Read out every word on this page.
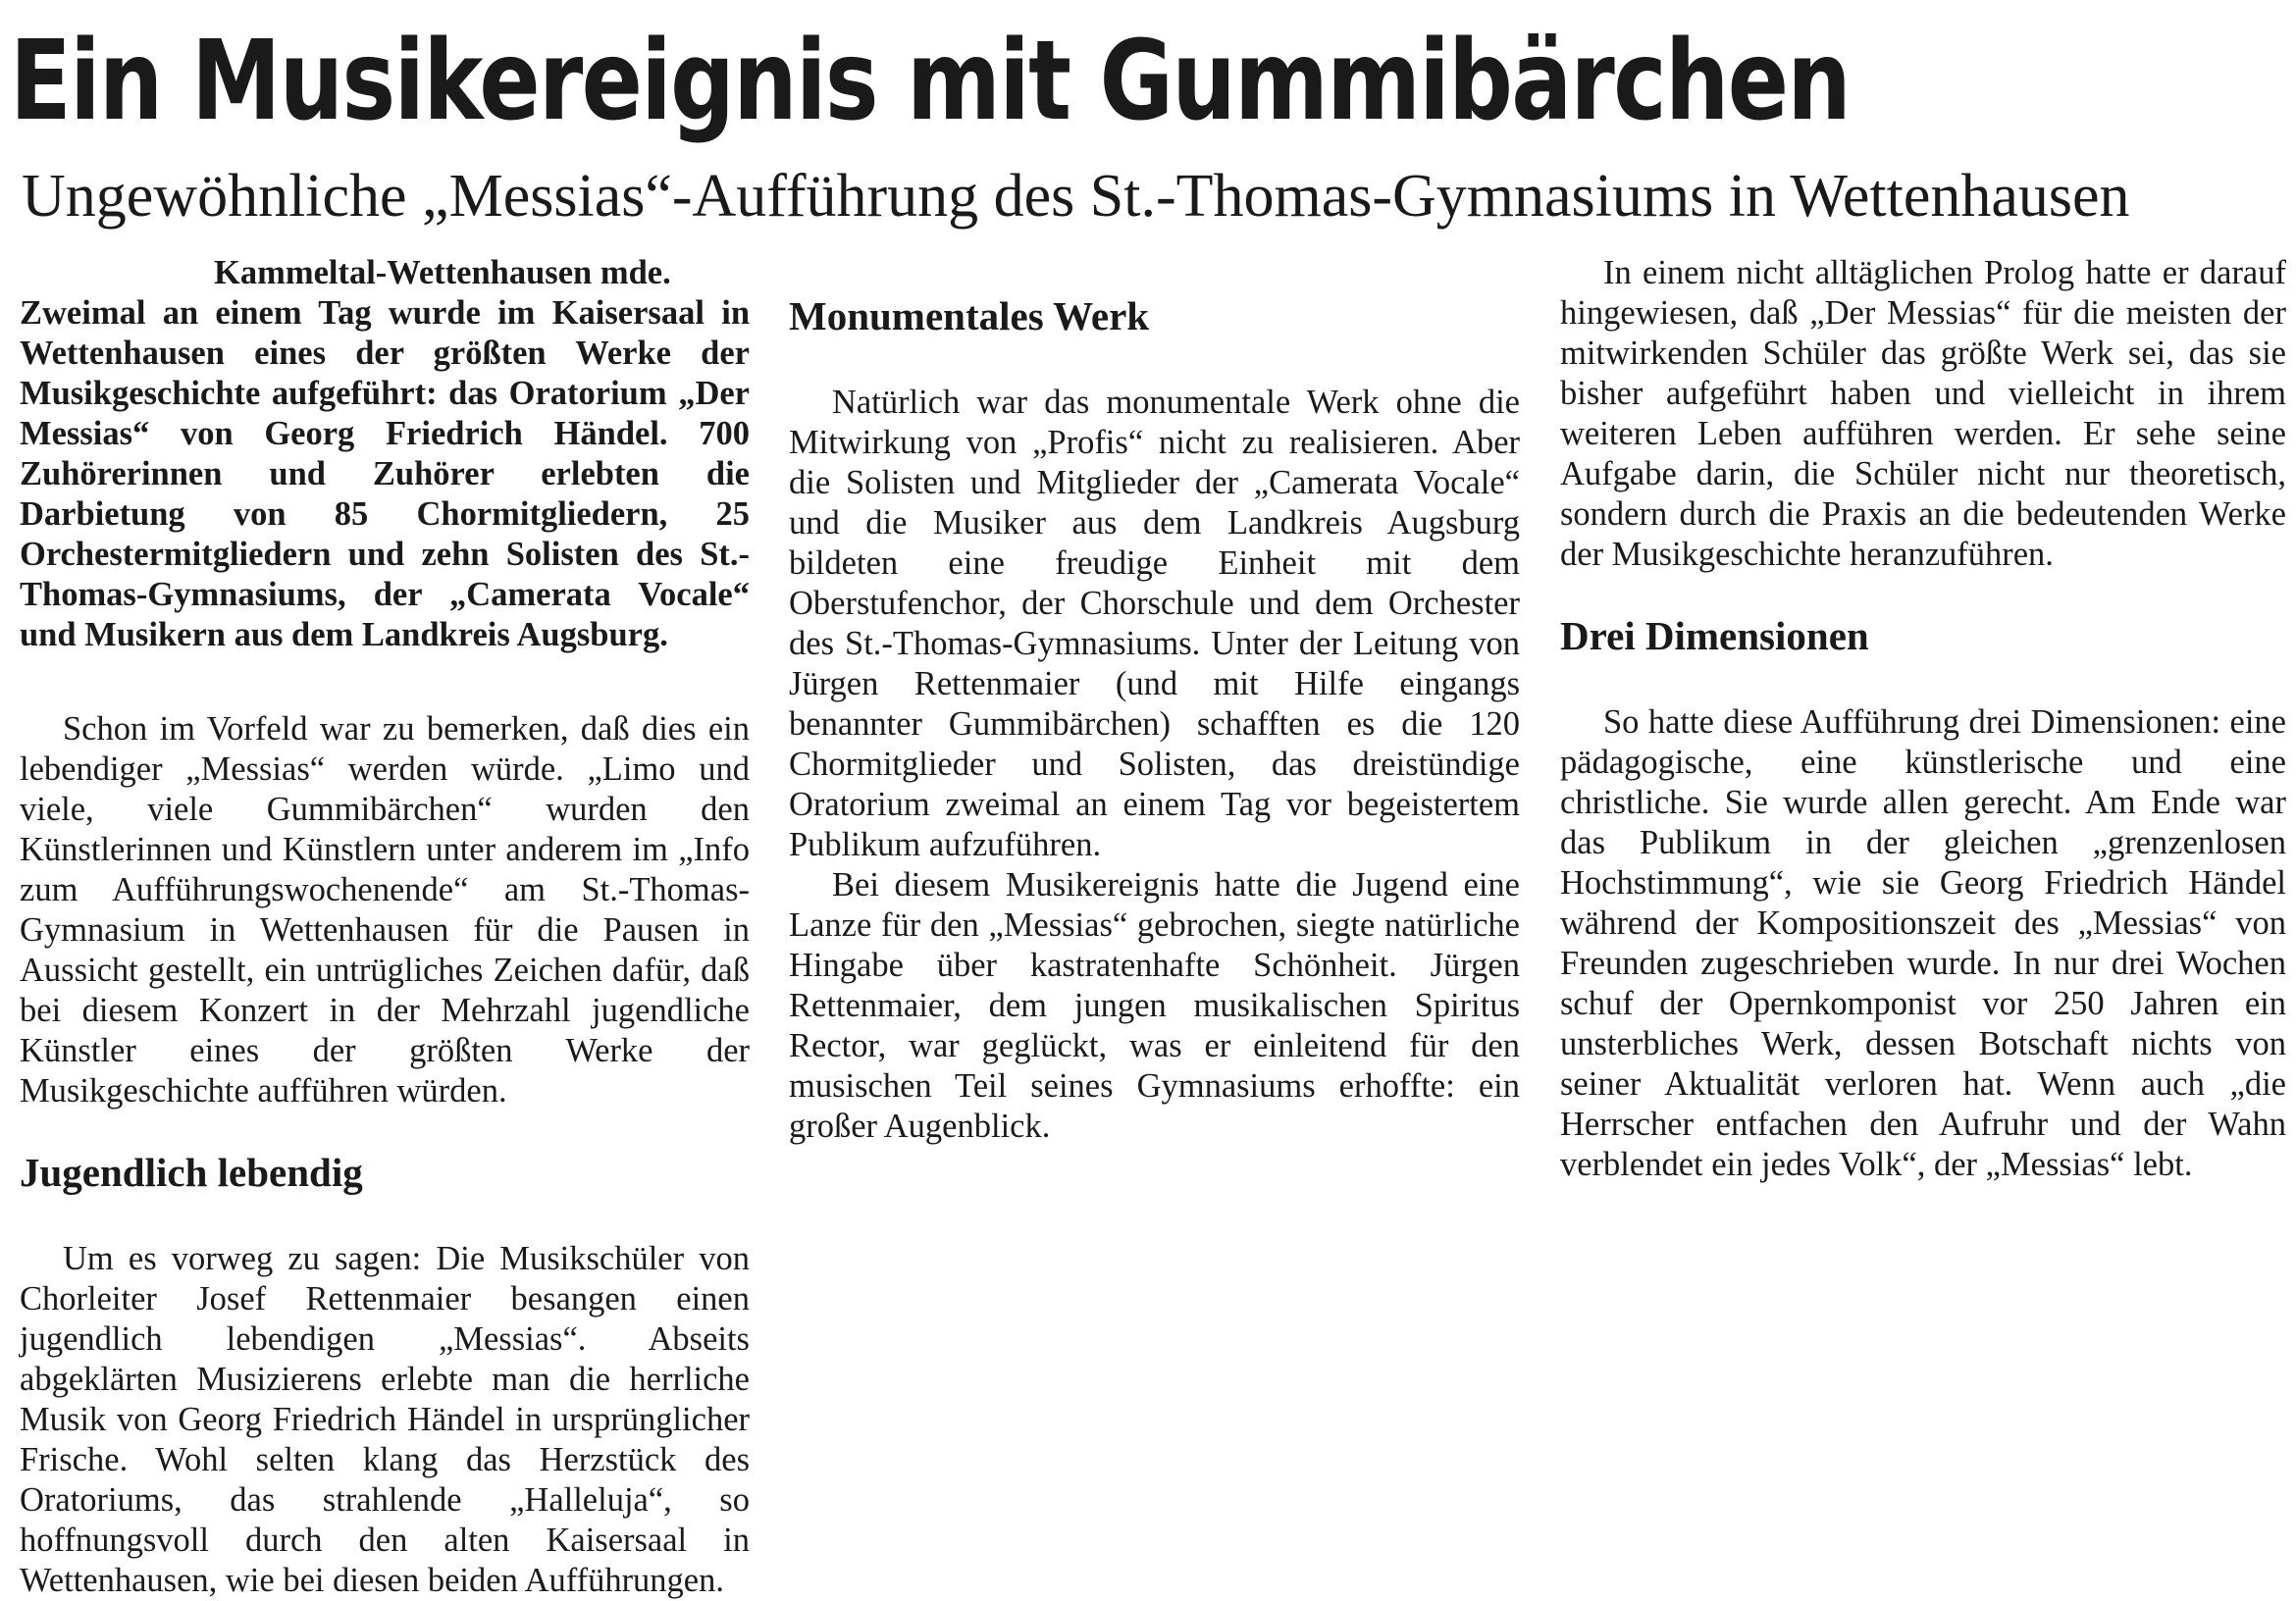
Ein Musikereignis mit Gummibärchen
Ungewöhnliche „Messias“-Aufführung des St.-Thomas-Gymnasiums in Wettenhausen

Kammeltal-Wettenhausen mde.
Zweimal an einem Tag wurde im Kaisersaal in Wettenhausen eines der größten Werke der Musikgeschichte aufgeführt: das Oratorium „Der Messias“ von Georg Friedrich Händel. 700 Zuhörerinnen und Zuhörer erlebten die Darbietung von 85 Chormitgliedern, 25 Orchestermitgliedern und zehn Solisten des St.-Thomas-Gymnasiums, der „Camerata Vocale“ und Musikern aus dem Landkreis Augsburg.

Schon im Vorfeld war zu bemerken, daß dies ein lebendiger „Messias“ werden würde. „Limo und viele, viele Gummibärchen“ wurden den Künstlerinnen und Künstlern unter anderem im „Info zum Aufführungswochenende“ am St.-Thomas-Gymnasium in Wettenhausen für die Pausen in Aussicht gestellt, ein untrügliches Zeichen dafür, daß bei diesem Konzert in der Mehrzahl jugendliche Künstler eines der größten Werke der Musikgeschichte aufführen würden.

Jugendlich lebendig

Um es vorweg zu sagen: Die Musikschüler von Chorleiter Josef Rettenmaier besangen einen jugendlich lebendigen „Messias“. Abseits abgeklärten Musizierens erlebte man die herrliche Musik von Georg Friedrich Händel in ursprünglicher Frische. Wohl selten klang das Herzstück des Oratoriums, das strahlende „Halleluja“, so hoffnungsvoll durch den alten Kaisersaal in Wettenhausen, wie bei diesen beiden Aufführungen.

Monumentales Werk

Natürlich war das monumentale Werk ohne die Mitwirkung von „Profis“ nicht zu realisieren. Aber die Solisten und Mitglieder der „Camerata Vocale“ und die Musiker aus dem Landkreis Augsburg bildeten eine freudige Einheit mit dem Oberstufenchor, der Chorschule und dem Orchester des St.-Thomas-Gymnasiums. Unter der Leitung von Jürgen Rettenmaier (und mit Hilfe eingangs benannter Gummibärchen) schafften es die 120 Chormitglieder und Solisten, das dreistündige Oratorium zweimal an einem Tag vor begeistertem Publikum aufzuführen.

Bei diesem Musikereignis hatte die Jugend eine Lanze für den „Messias“ gebrochen, siegte natürliche Hingabe über kastratenhafte Schönheit. Jürgen Rettenmaier, dem jungen musikalischen Spiritus Rector, war geglückt, was er einleitend für den musischen Teil seines Gymnasiums erhoffte: ein großer Augenblick.

In einem nicht alltäglichen Prolog hatte er darauf hingewiesen, daß „Der Messias“ für die meisten der mitwirkenden Schüler das größte Werk sei, das sie bisher aufgeführt haben und vielleicht in ihrem weiteren Leben aufführen werden. Er sehe seine Aufgabe darin, die Schüler nicht nur theoretisch, sondern durch die Praxis an die bedeutenden Werke der Musikgeschichte heranzuführen.

Drei Dimensionen

So hatte diese Aufführung drei Dimensionen: eine pädagogische, eine künstlerische und eine christliche. Sie wurde allen gerecht. Am Ende war das Publikum in der gleichen „grenzenlosen Hochstimmung“, wie sie Georg Friedrich Händel während der Kompositionszeit des „Messias“ von Freunden zugeschrieben wurde. In nur drei Wochen schuf der Opernkomponist vor 250 Jahren ein unsterbliches Werk, dessen Botschaft nichts von seiner Aktualität verloren hat. Wenn auch „die Herrscher entfachen den Aufruhr und der Wahn verblendet ein jedes Volk“, der „Messias“ lebt.
